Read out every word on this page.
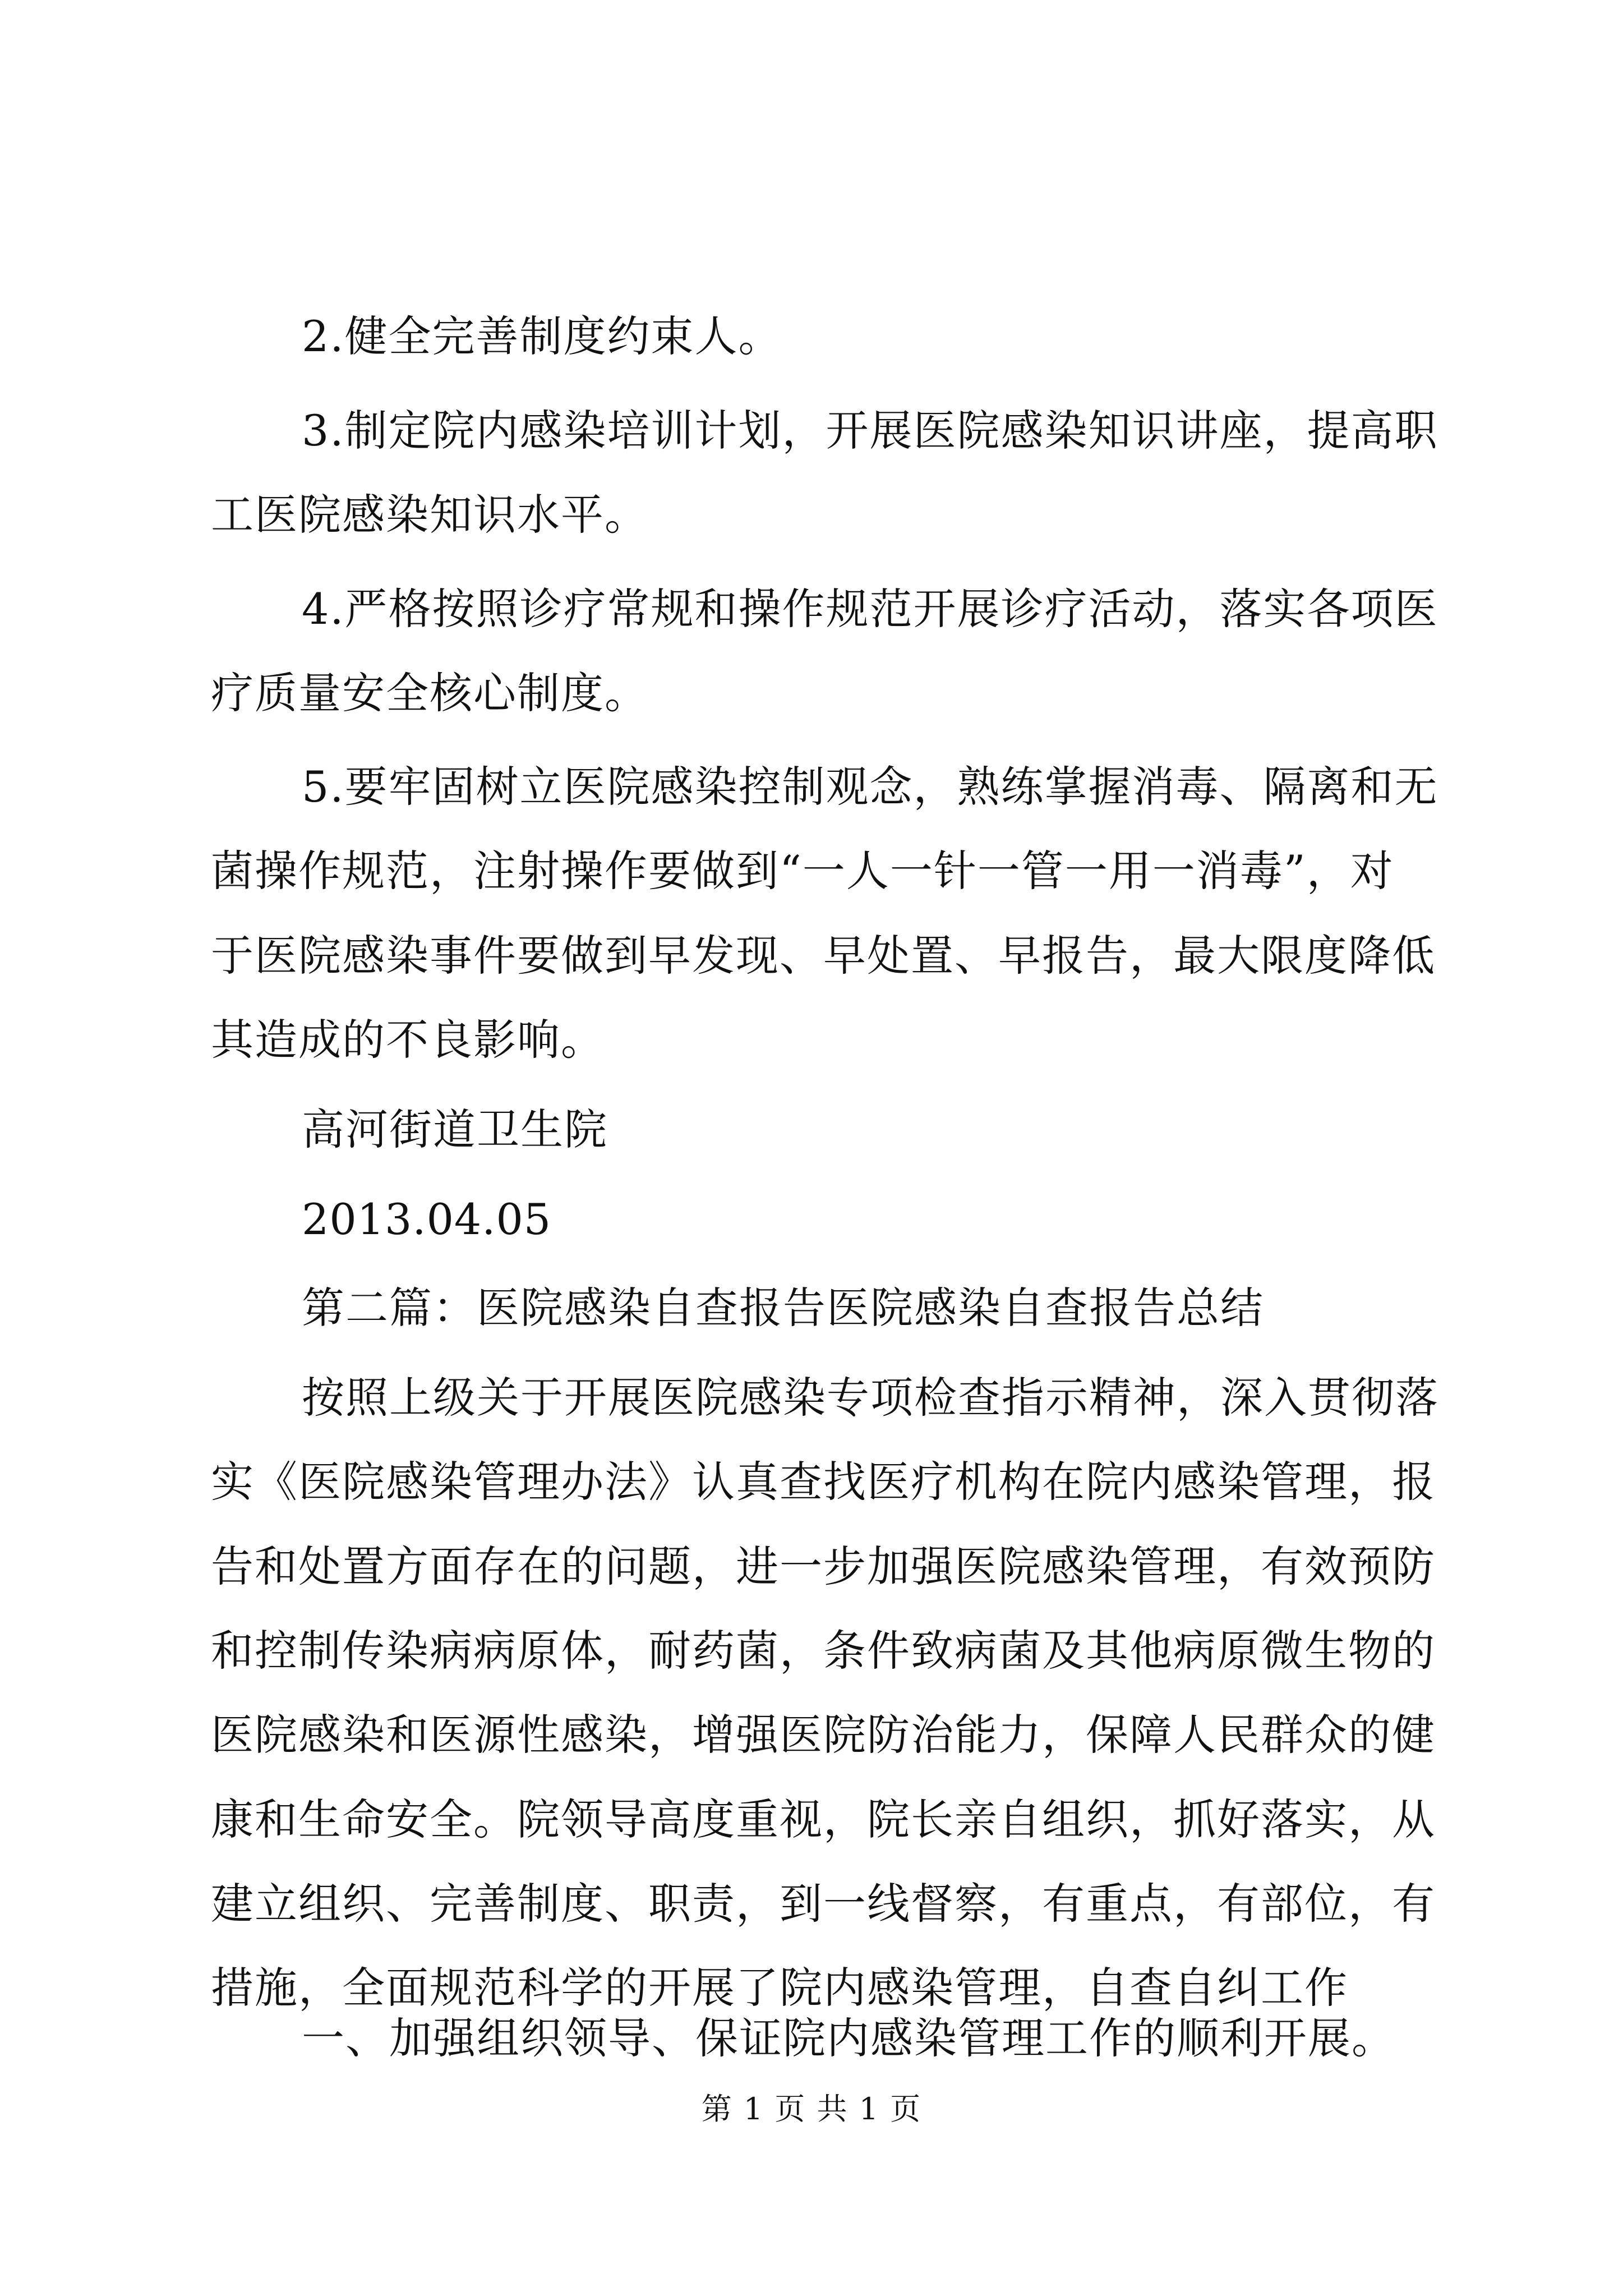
2.健全完善制度约束人。
3.制定院内感染培训计划，开展医院感染知识讲座，提高职
工医院感染知识水平。
4.严格按照诊疗常规和操作规范开展诊疗活动，落实各项医
疗质量安全核心制度。
5.要牢固树立医院感染控制观念，熟练掌握消毒、隔离和无
菌操作规范，注射操作要做到“一人一针一管一用一消毒”，对
于医院感染事件要做到早发现、早处置、早报告，最大限度降低
其造成的不良影响。
高河街道卫生院
2013.04.05
第二篇：医院感染自查报告医院感染自查报告总结
按照上级关于开展医院感染专项检查指示精神，深入贯彻落
实《医院感染管理办法》认真查找医疗机构在院内感染管理，报
告和处置方面存在的问题，进一步加强医院感染管理，有效预防
和控制传染病病原体，耐药菌，条件致病菌及其他病原微生物的
医院感染和医源性感染，增强医院防治能力，保障人民群众的健
康和生命安全。院领导高度重视，院长亲自组织，抓好落实，从
建立组织、完善制度、职责，到一线督察，有重点，有部位，有
措施，全面规范科学的开展了院内感染管理，自查自纠工作
一、加强组织领导、保证院内感染管理工作的顺利开展。
第 1 页 共 1 页
